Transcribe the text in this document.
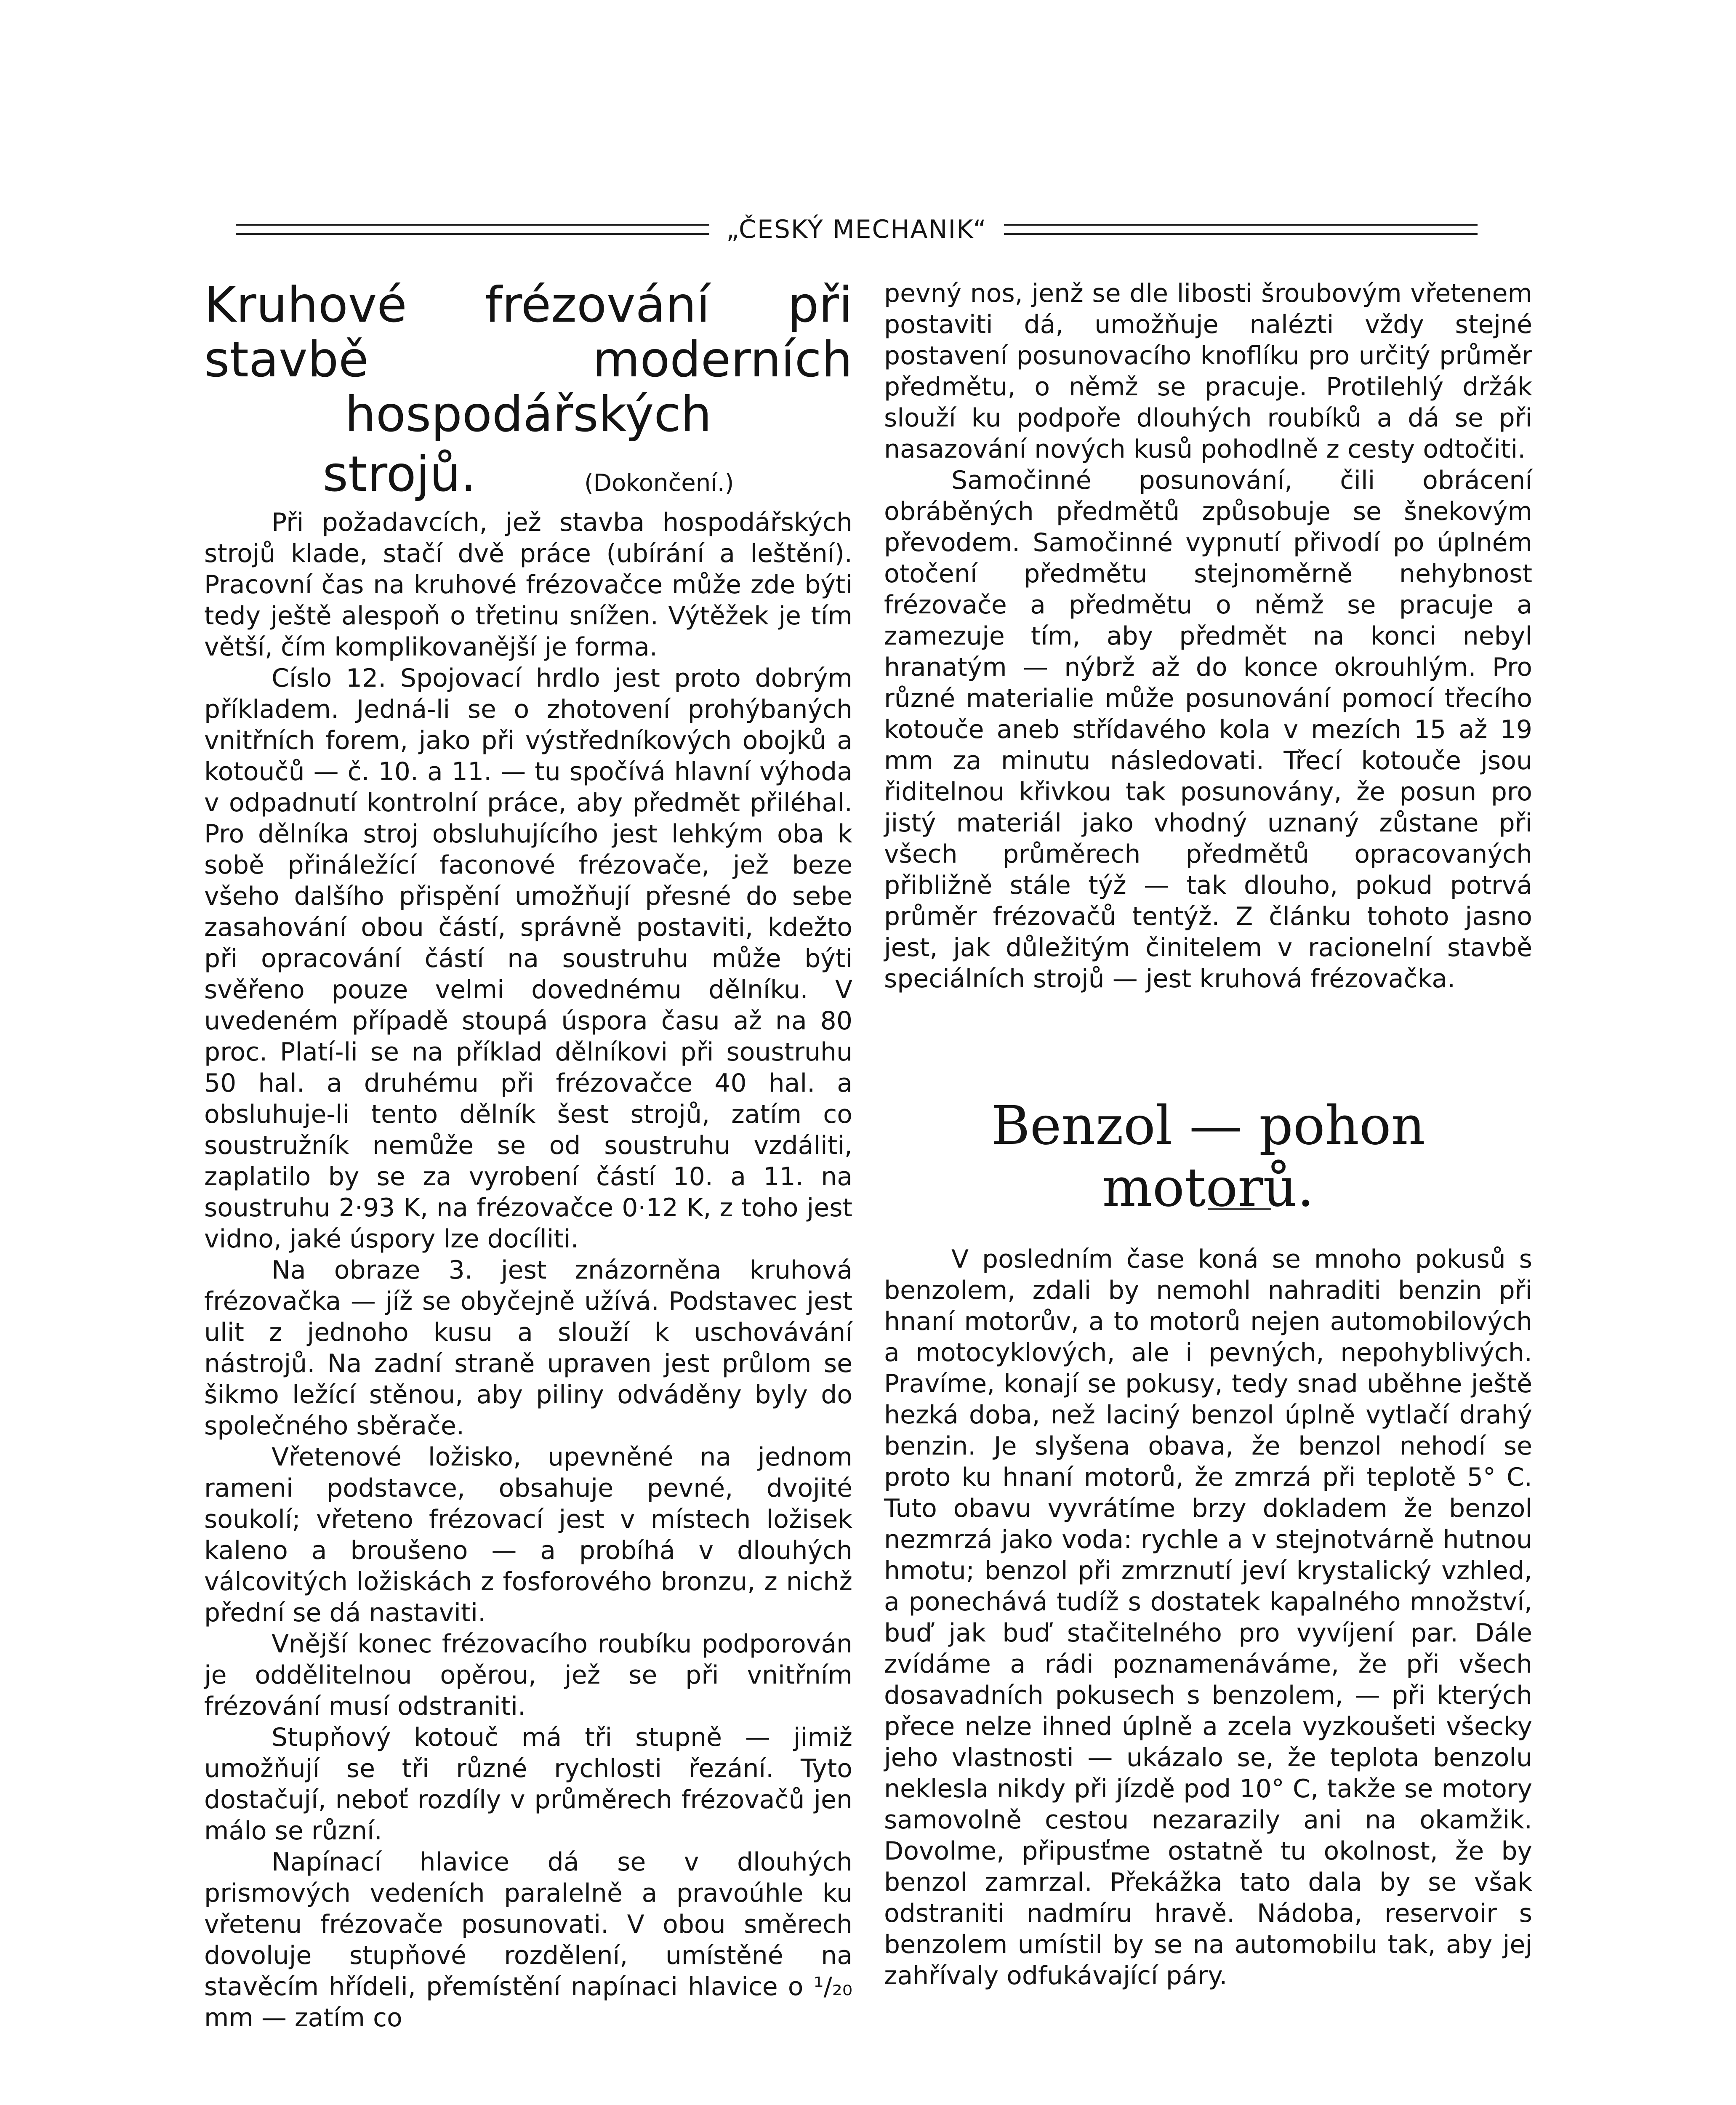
„ČESKÝ MECHANIK“
Kruhové frézování při stavbě moderních hospodářských
strojů.	(Dokončení.)

Při požadavcích, jež stavba hospodářských strojů klade, stačí dvě práce (ubírání a leštění). Pracovní čas na kruhové frézovačce může zde býti tedy ještě alespoň o třetinu snížen. Výtěžek je tím větší, čím komplikovanější je forma.

Císlo 12. Spojovací hrdlo jest proto dobrým příkladem. Jedná-li se o zhotovení prohýbaných vnitřních forem, jako při výstředníkových obojků a kotoučů — č. 10. a 11. — tu spočívá hlavní výhoda v odpadnutí kontrolní práce, aby předmět přiléhal. Pro dělníka stroj obsluhujícího jest lehkým oba k sobě přináležící faconové frézovače, jež beze všeho dalšího přispění umožňují přesné do sebe zasahování obou částí, správně postaviti, kdežto při opracování částí na soustruhu může býti svěřeno pouze velmi dovednému dělníku. V uvedeném případě stoupá úspora času až na 80 proc. Platí-li se na příklad dělníkovi při soustruhu 50 hal. a druhému při frézovačce 40 hal. a obsluhuje-li tento dělník šest strojů, zatím co soustružník nemůže se od soustruhu vzdáliti, zaplatilo by se za vyrobení částí 10. a 11. na soustruhu 2·93 K, na frézovačce 0·12 K, z toho jest vidno, jaké úspory lze docíliti.

Na obraze 3. jest znázorněna kruhová frézovačka — jíž se obyčejně užívá. Podstavec jest ulit z jednoho kusu a slouží k uschovávání nástrojů. Na zadní straně upraven jest průlom se šikmo ležící stěnou, aby piliny odváděny byly do společného sběrače.

Vřetenové ložisko, upevněné na jednom rameni podstavce, obsahuje pevné, dvojité soukolí; vřeteno frézovací jest v místech ložisek kaleno a broušeno — a probíhá v dlouhých válcovitých ložiskách z fosforového bronzu, z nichž přední se dá nastaviti.

Vnější konec frézovacího roubíku podporován je oddělitelnou opěrou, jež se při vnitřním frézování musí odstraniti.

Stupňový kotouč má tři stupně — jimiž umožňují se tři různé rychlosti řezání. Tyto dostačují, neboť rozdíly v průměrech frézovačů jen málo se různí.

Napínací hlavice dá se v dlouhých prismových vedeních paralelně a pravoúhle ku vřetenu frézovače posunovati. V obou směrech dovoluje stupňové rozdělení, umístěné na stavěcím hřídeli, přemístění napínaci hlavice o ¹/₂₀ mm — zatím co

pevný nos, jenž se dle libosti šroubovým vřetenem postaviti dá, umožňuje nalézti vždy stejné postavení posunovacího knoflíku pro určitý průměr předmětu, o němž se pracuje. Protilehlý držák slouží ku podpoře dlouhých roubíků a dá se při nasazování nových kusů pohodlně z cesty odtočiti.

Samočinné posunování, čili obrácení obráběných předmětů způsobuje se šnekovým převodem. Samočinné vypnutí přivodí po úplném otočení předmětu stejnoměrně nehybnost frézovače a předmětu o němž se pracuje a zamezuje tím, aby předmět na konci nebyl hranatým — nýbrž až do konce okrouhlým. Pro různé materialie může posunování pomocí třecího kotouče aneb střídavého kola v mezích 15 až 19 mm za minutu následovati. Třecí kotouče jsou řiditelnou křivkou tak posunovány, že posun pro jistý materiál jako vhodný uznaný zůstane při všech průměrech předmětů opracovaných přibližně stále týž — tak dlouho, pokud potrvá průměr frézovačů tentýž. Z článku tohoto jasno jest, jak důležitým činitelem v racionelní stavbě speciálních strojů — jest kruhová frézovačka.

Benzol — pohon motorů.

V posledním čase koná se mnoho pokusů s benzolem, zdali by nemohl nahraditi benzin při hnaní motorův, a to motorů nejen automobilových a motocyklových, ale i pevných, nepohyblivých. Pravíme, konají se pokusy, tedy snad uběhne ještě hezká doba, než laciný benzol úplně vytlačí drahý benzin. Je slyšena obava, že benzol nehodí se proto ku hnaní motorů, že zmrzá při teplotě 5° C. Tuto obavu vyvrátíme brzy dokladem že benzol nezmrzá jako voda: rychle a v stejnotvárně hutnou hmotu; benzol při zmrznutí jeví krystalický vzhled, a ponechává tudíž s dostatek kapalného množství, buď jak buď stačitelného pro vyvíjení par. Dále zvídáme a rádi poznamenáváme, že při všech dosavadních pokusech s benzolem, — při kterých přece nelze ihned úplně a zcela vyzkoušeti všecky jeho vlastnosti — ukázalo se, že teplota benzolu neklesla nikdy při jízdě pod 10° C, takže se motory samovolně cestou nezarazily ani na okamžik. Dovolme, připusťme ostatně tu okolnost, že by benzol zamrzal. Překážka tato dala by se však odstraniti nadmíru hravě. Nádoba, reservoir s benzolem umístil by se na automobilu tak, aby jej zahřívaly odfukávající páry.
